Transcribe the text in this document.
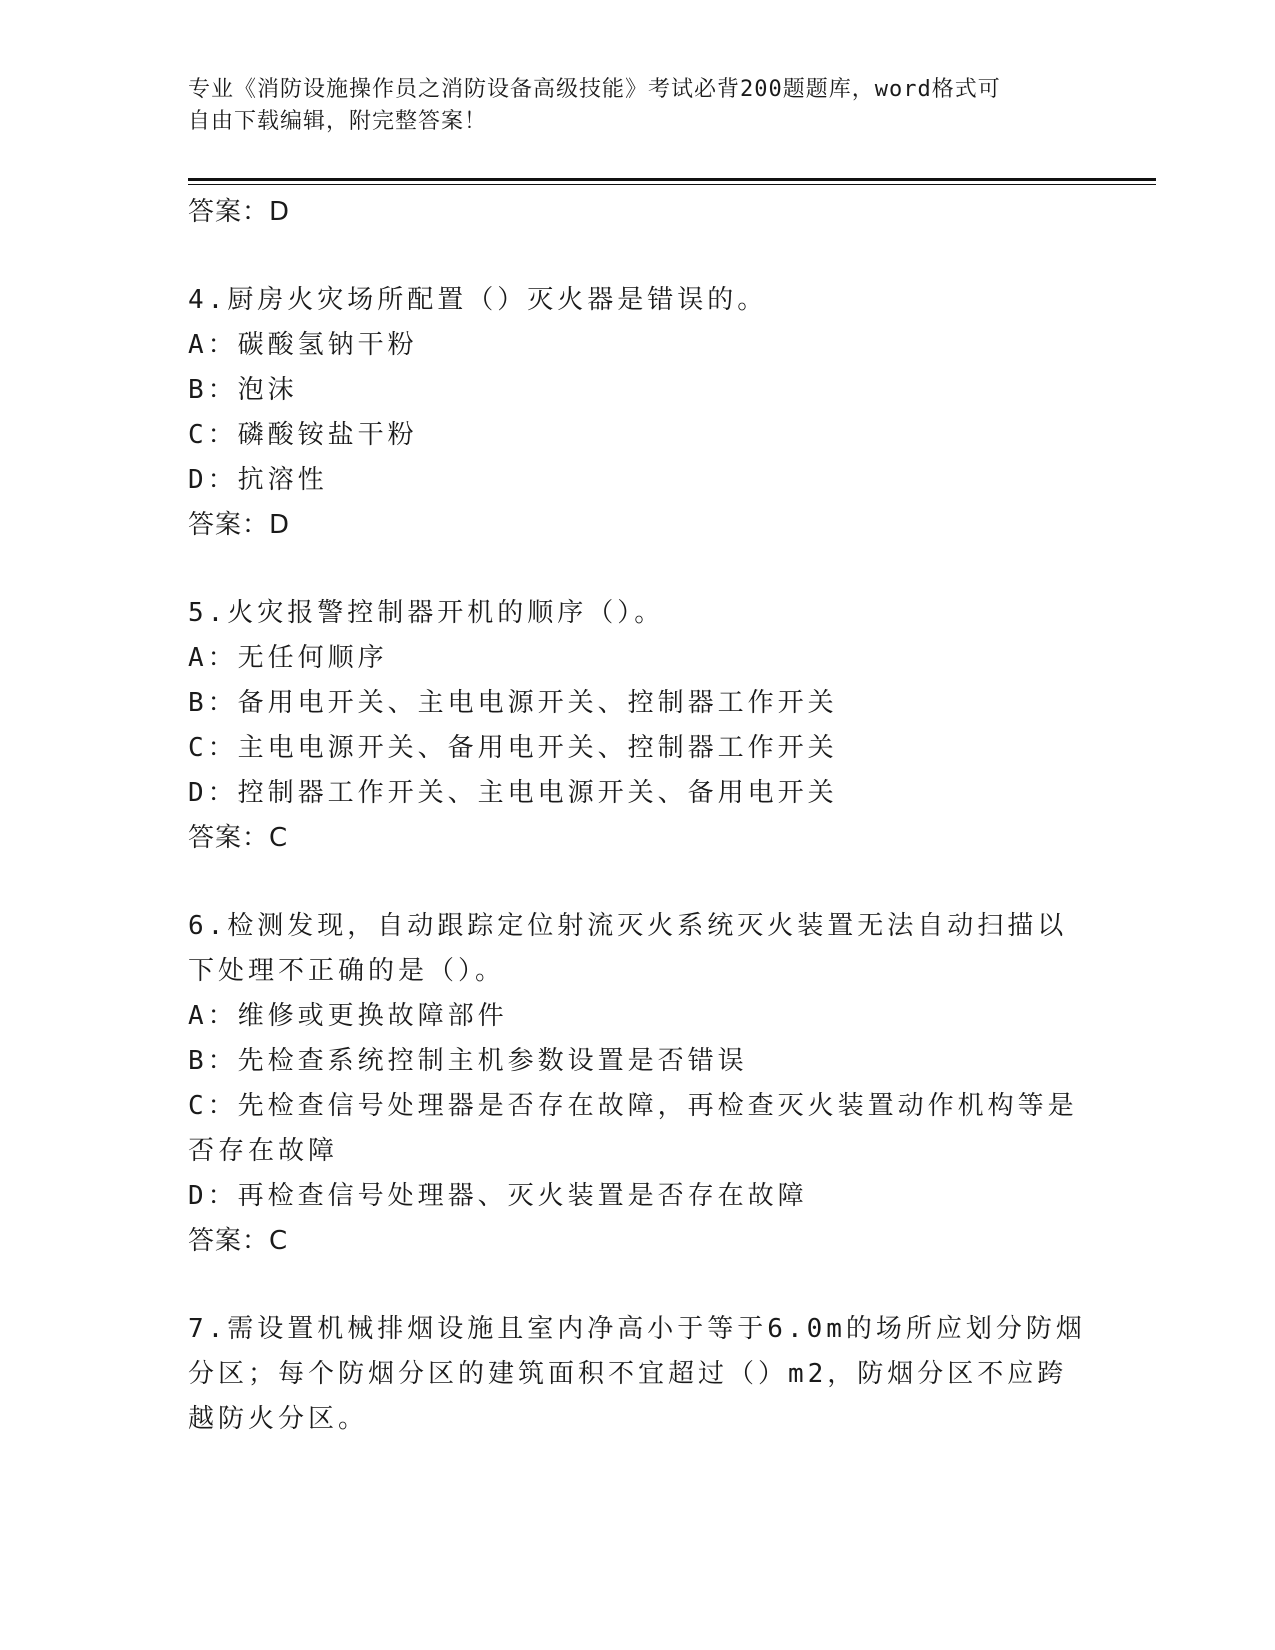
专业《消防设施操作员之消防设备高级技能》考试必背200题题库，word格式可
自由下载编辑，附完整答案！
答案：D
4.厨房火灾场所配置（）灭火器是错误的。
A：碳酸氢钠干粉
B：泡沫
C：磷酸铵盐干粉
D：抗溶性
答案：D
5.火灾报警控制器开机的顺序（）。
A：无任何顺序
B：备用电开关、主电电源开关、控制器工作开关
C：主电电源开关、备用电开关、控制器工作开关
D：控制器工作开关、主电电源开关、备用电开关
答案：C
6.检测发现，自动跟踪定位射流灭火系统灭火装置无法自动扫描以下处理不正确的是（）。
A：维修或更换故障部件
B：先检查系统控制主机参数设置是否错误
C：先检查信号处理器是否存在故障，再检查灭火装置动作机构等是否存在故障
D：再检查信号处理器、灭火装置是否存在故障
答案：C
7.需设置机械排烟设施且室内净高小于等于6.0m的场所应划分防烟分区；每个防烟分区的建筑面积不宜超过（）m2，防烟分区不应跨越防火分区。
